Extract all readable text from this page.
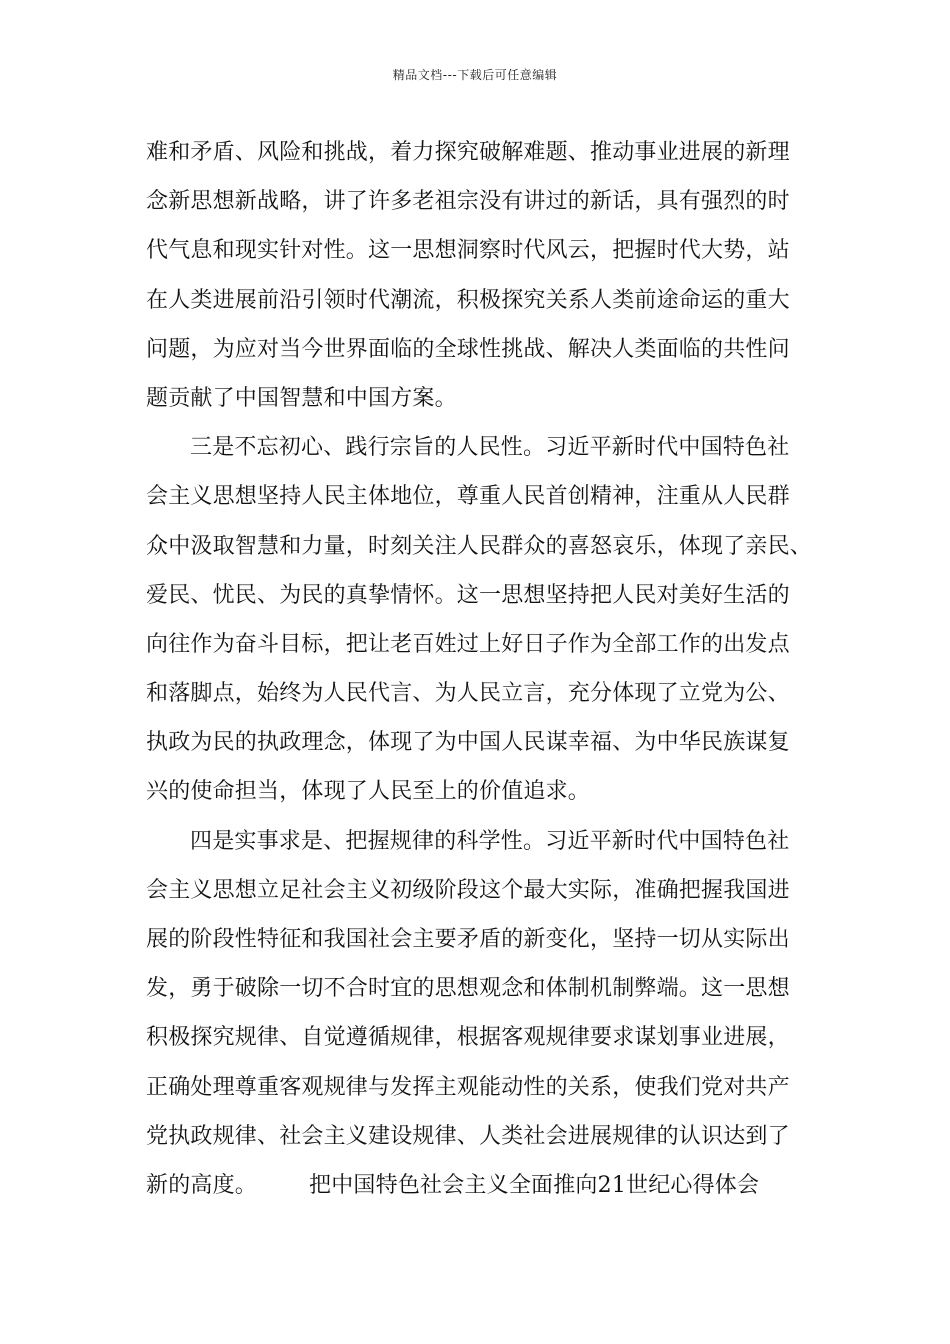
精品文档---下载后可任意编辑
难和矛盾、风险和挑战，着力探究破解难题、推动事业进展的新理
念新思想新战略，讲了许多老祖宗没有讲过的新话，具有强烈的时
代气息和现实针对性。这一思想洞察时代风云，把握时代大势，站
在人类进展前沿引领时代潮流，积极探究关系人类前途命运的重大
问题，为应对当今世界面临的全球性挑战、解决人类面临的共性问
题贡献了中国智慧和中国方案。
三是不忘初心、践行宗旨的人民性。习近平新时代中国特色社
会主义思想坚持人民主体地位，尊重人民首创精神，注重从人民群
众中汲取智慧和力量，时刻关注人民群众的喜怒哀乐，体现了亲民、
爱民、忧民、为民的真挚情怀。这一思想坚持把人民对美好生活的
向往作为奋斗目标，把让老百姓过上好日子作为全部工作的出发点
和落脚点，始终为人民代言、为人民立言，充分体现了立党为公、
执政为民的执政理念，体现了为中国人民谋幸福、为中华民族谋复
兴的使命担当，体现了人民至上的价值追求。
四是实事求是、把握规律的科学性。习近平新时代中国特色社
会主义思想立足社会主义初级阶段这个最大实际，准确把握我国进
展的阶段性特征和我国社会主要矛盾的新变化，坚持一切从实际出
发，勇于破除一切不合时宜的思想观念和体制机制弊端。这一思想
积极探究规律、自觉遵循规律，根据客观规律要求谋划事业进展，
正确处理尊重客观规律与发挥主观能动性的关系，使我们党对共产
党执政规律、社会主义建设规律、人类社会进展规律的认识达到了
新的高度。 把中国特色社会主义全面推向21世纪心得体会
